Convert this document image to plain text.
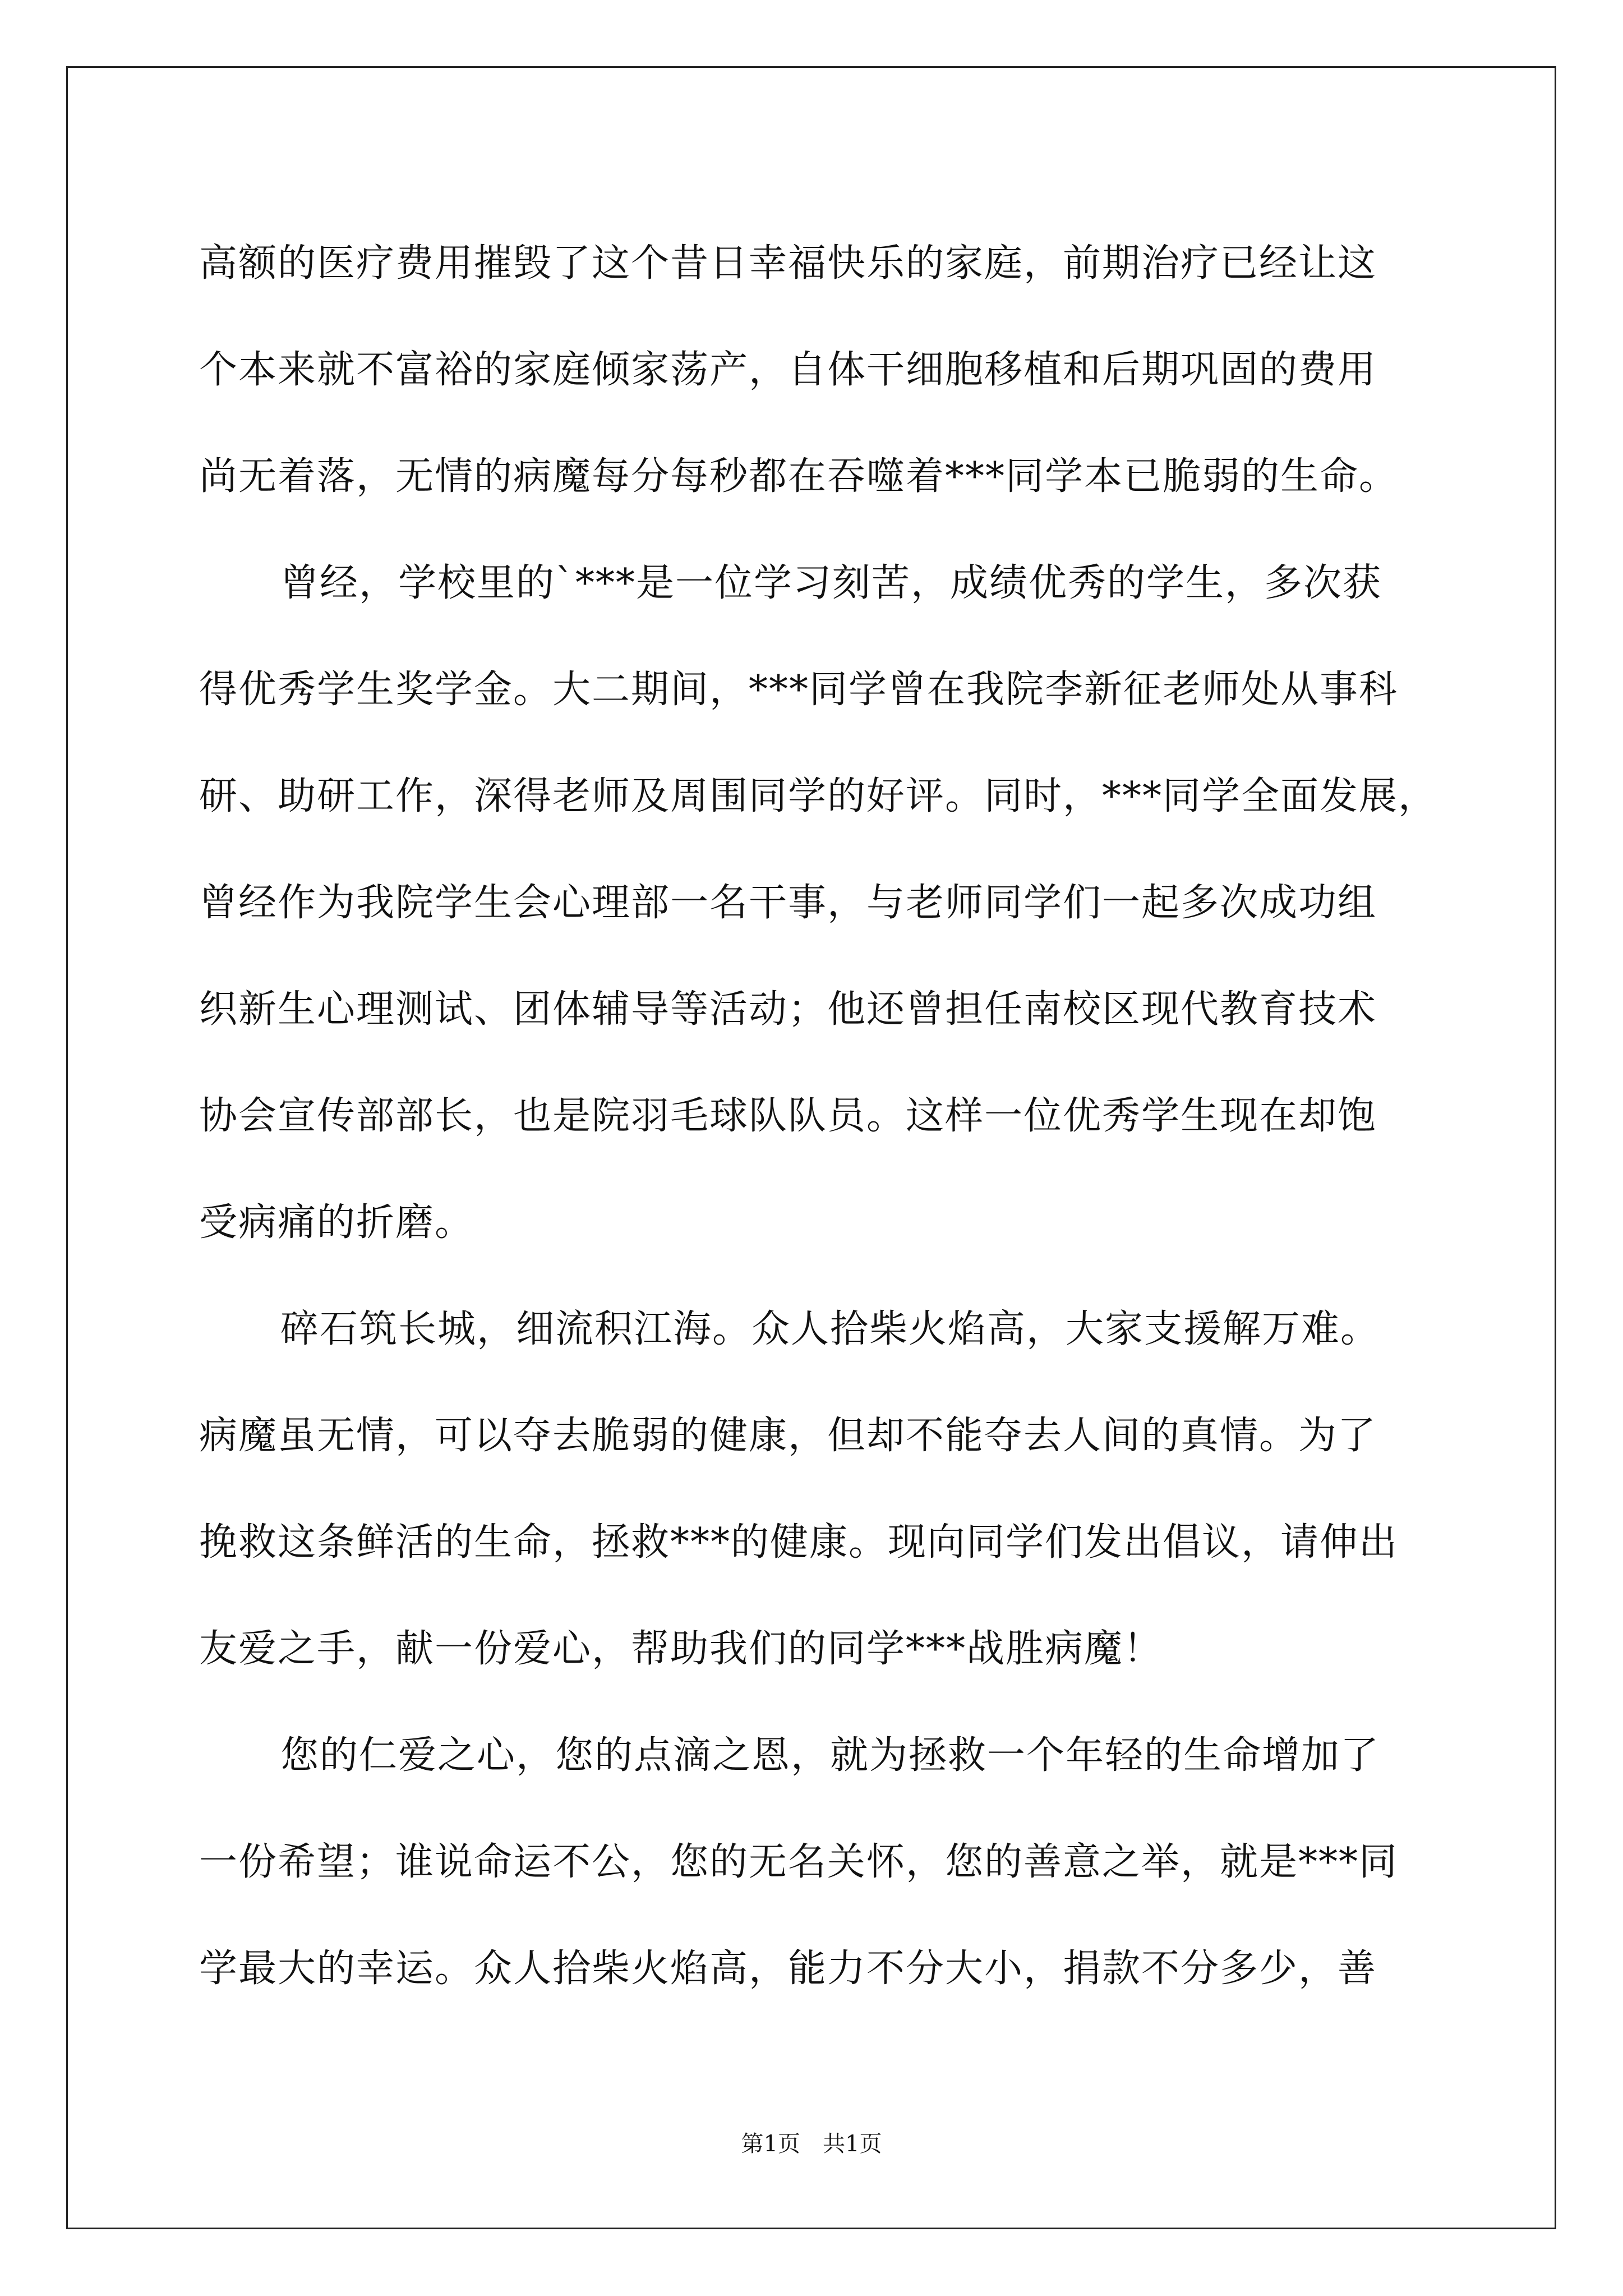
高额的医疗费用摧毁了这个昔日幸福快乐的家庭，前期治疗已经让这
个本来就不富裕的家庭倾家荡产，自体干细胞移植和后期巩固的费用
尚无着落，无情的病魔每分每秒都在吞噬着***同学本已脆弱的生命。
曾经，学校里的`***是一位学习刻苦，成绩优秀的学生，多次获
得优秀学生奖学金。大二期间，***同学曾在我院李新征老师处从事科
研、助研工作，深得老师及周围同学的好评。同时，***同学全面发展，
曾经作为我院学生会心理部一名干事，与老师同学们一起多次成功组
织新生心理测试、团体辅导等活动；他还曾担任南校区现代教育技术
协会宣传部部长，也是院羽毛球队队员。这样一位优秀学生现在却饱
受病痛的折磨。
碎石筑长城，细流积江海。众人拾柴火焰高，大家支援解万难。
病魔虽无情，可以夺去脆弱的健康，但却不能夺去人间的真情。为了
挽救这条鲜活的生命，拯救***的健康。现向同学们发出倡议，请伸出
友爱之手，献一份爱心，帮助我们的同学***战胜病魔！
您的仁爱之心，您的点滴之恩，就为拯救一个年轻的生命增加了
一份希望；谁说命运不公，您的无名关怀，您的善意之举，就是***同
学最大的幸运。众人拾柴火焰高，能力不分大小，捐款不分多少，善
第1页 共1页
